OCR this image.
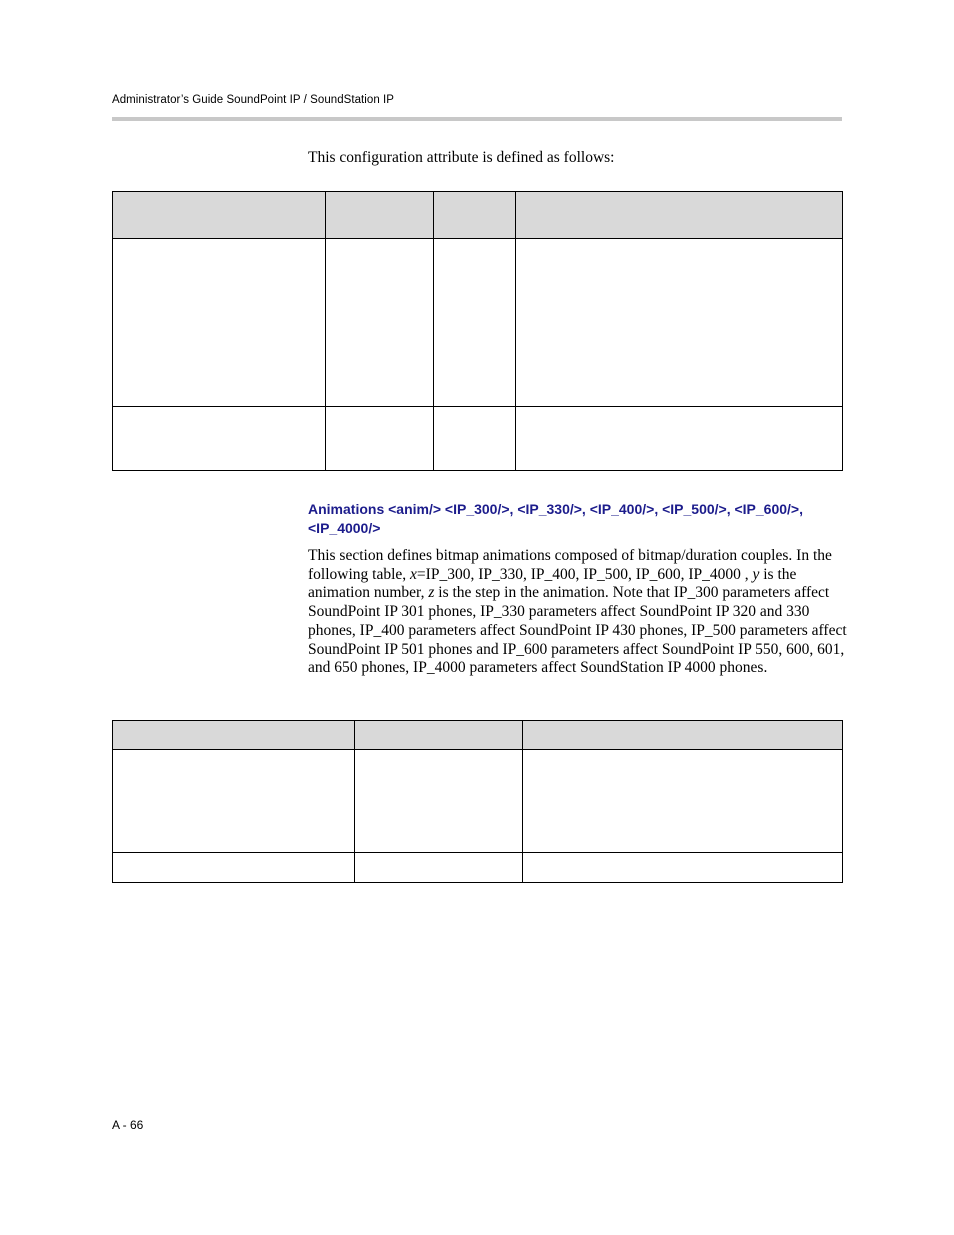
Administrator’s Guide SoundPoint IP / SoundStation IP
This configuration attribute is defined as follows:

Animations <anim/> <IP_300/>, <IP_330/>, <IP_400/>, <IP_500/>, <IP_600/>, <IP_4000/>
This section defines bitmap animations composed of bitmap/duration couples. In the following table, x=IP_300, IP_330, IP_400, IP_500, IP_600, IP_4000 , y is the animation number, z is the step in the animation. Note that IP_300 parameters affect SoundPoint IP 301 phones, IP_330 parameters affect SoundPoint IP 320 and 330 phones, IP_400 parameters affect SoundPoint IP 430 phones, IP_500 parameters affect SoundPoint IP 501 phones and IP_600 parameters affect SoundPoint IP 550, 600, 601, and 650 phones, IP_4000 parameters affect SoundStation IP 4000 phones.

A - 66
